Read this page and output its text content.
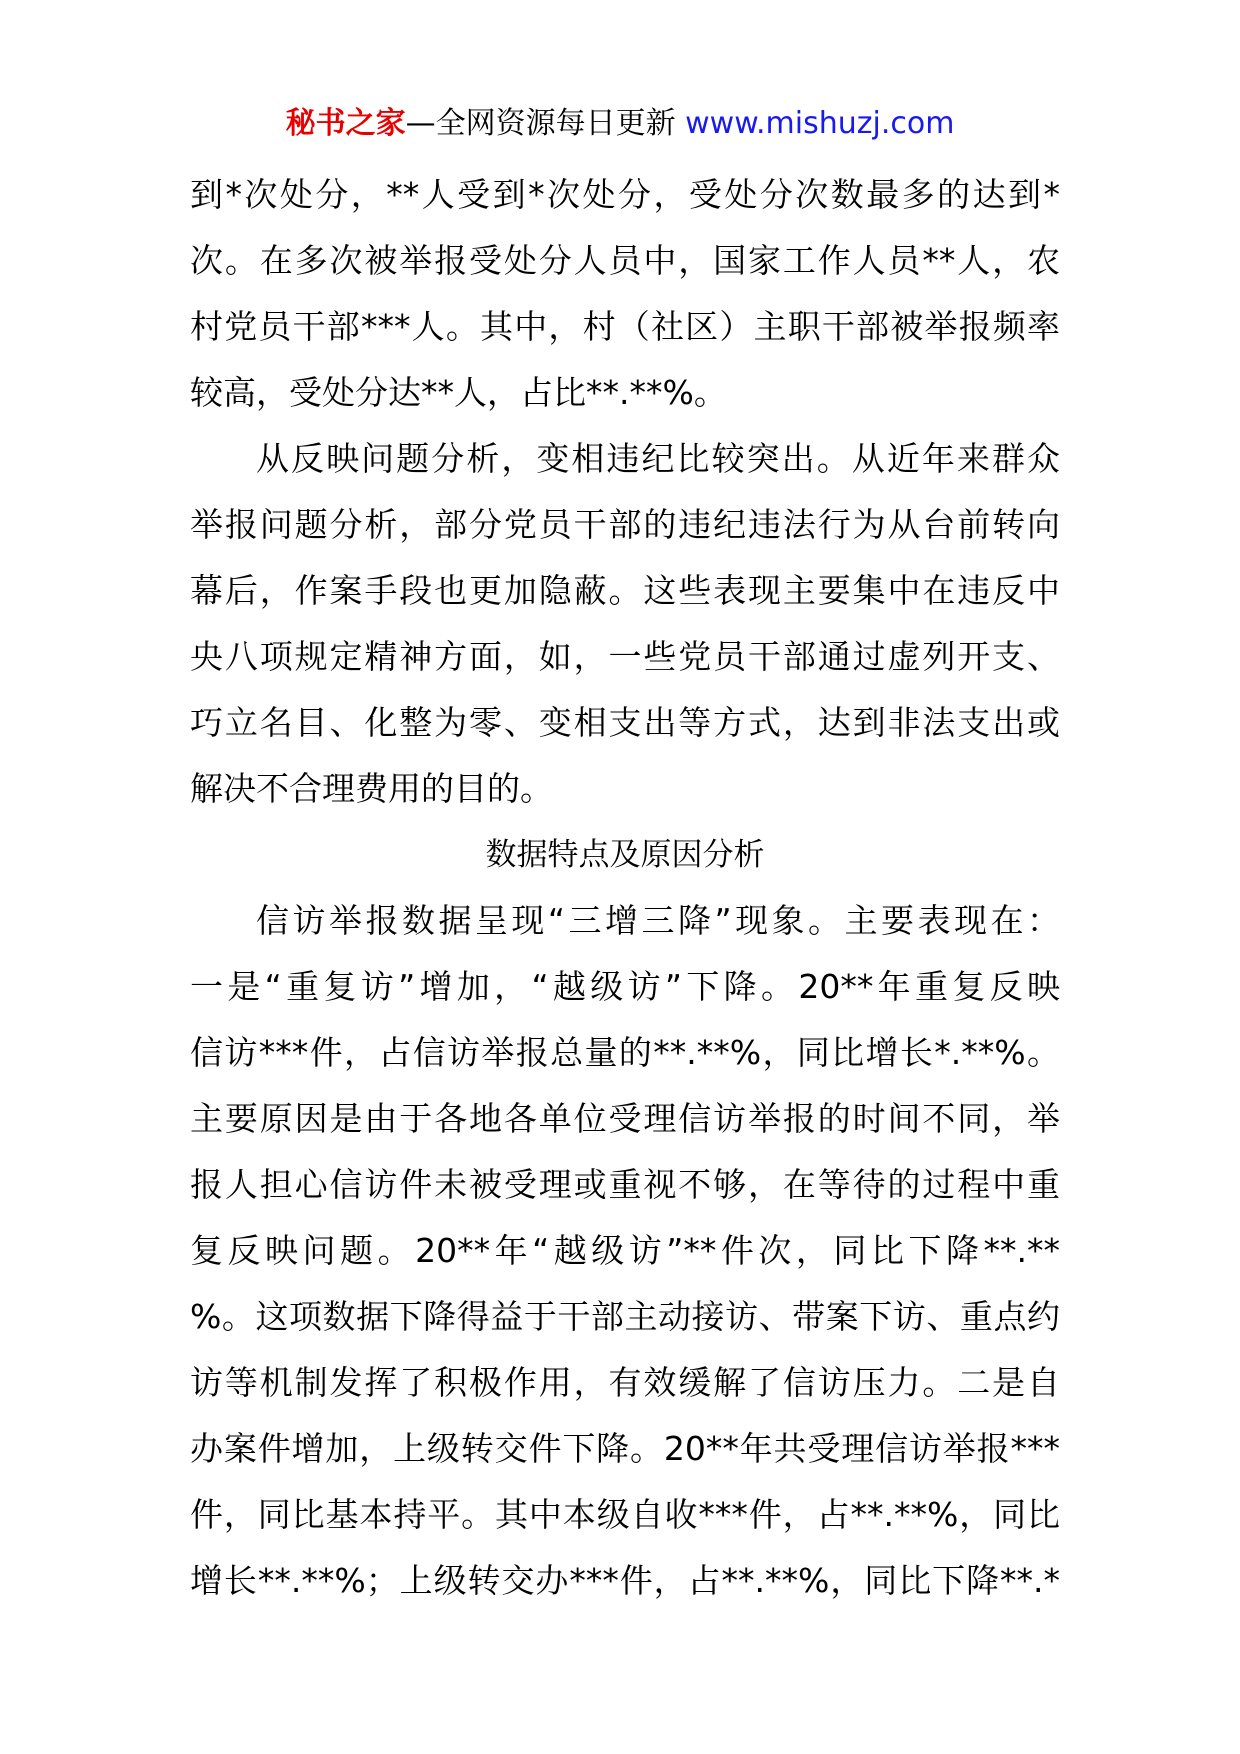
秘书之家—全网资源每日更新 www.mishuzj.com
到*次处分，**人受到*次处分，受处分次数最多的达到*
次。在多次被举报受处分人员中，国家工作人员**人，农
村党员干部***人。其中，村（社区）主职干部被举报频率
较高，受处分达**人，占比**.**%。
从反映问题分析，变相违纪比较突出。从近年来群众
举报问题分析，部分党员干部的违纪违法行为从台前转向
幕后，作案手段也更加隐蔽。这些表现主要集中在违反中
央八项规定精神方面，如，一些党员干部通过虚列开支、
巧立名目、化整为零、变相支出等方式，达到非法支出或
解决不合理费用的目的。
数据特点及原因分析
信访举报数据呈现“三增三降”现象。主要表现在：
一是“重复访”增加，“越级访”下降。20**年重复反映
信访***件，占信访举报总量的**.**%，同比增长*.**%。
主要原因是由于各地各单位受理信访举报的时间不同，举
报人担心信访件未被受理或重视不够，在等待的过程中重
复反映问题。20**年“越级访”**件次，同比下降**.**
%。这项数据下降得益于干部主动接访、带案下访、重点约
访等机制发挥了积极作用，有效缓解了信访压力。二是自
办案件增加，上级转交件下降。20**年共受理信访举报***
件，同比基本持平。其中本级自收***件，占**.**%，同比
增长**.**%；上级转交办***件，占**.**%，同比下降**.*
